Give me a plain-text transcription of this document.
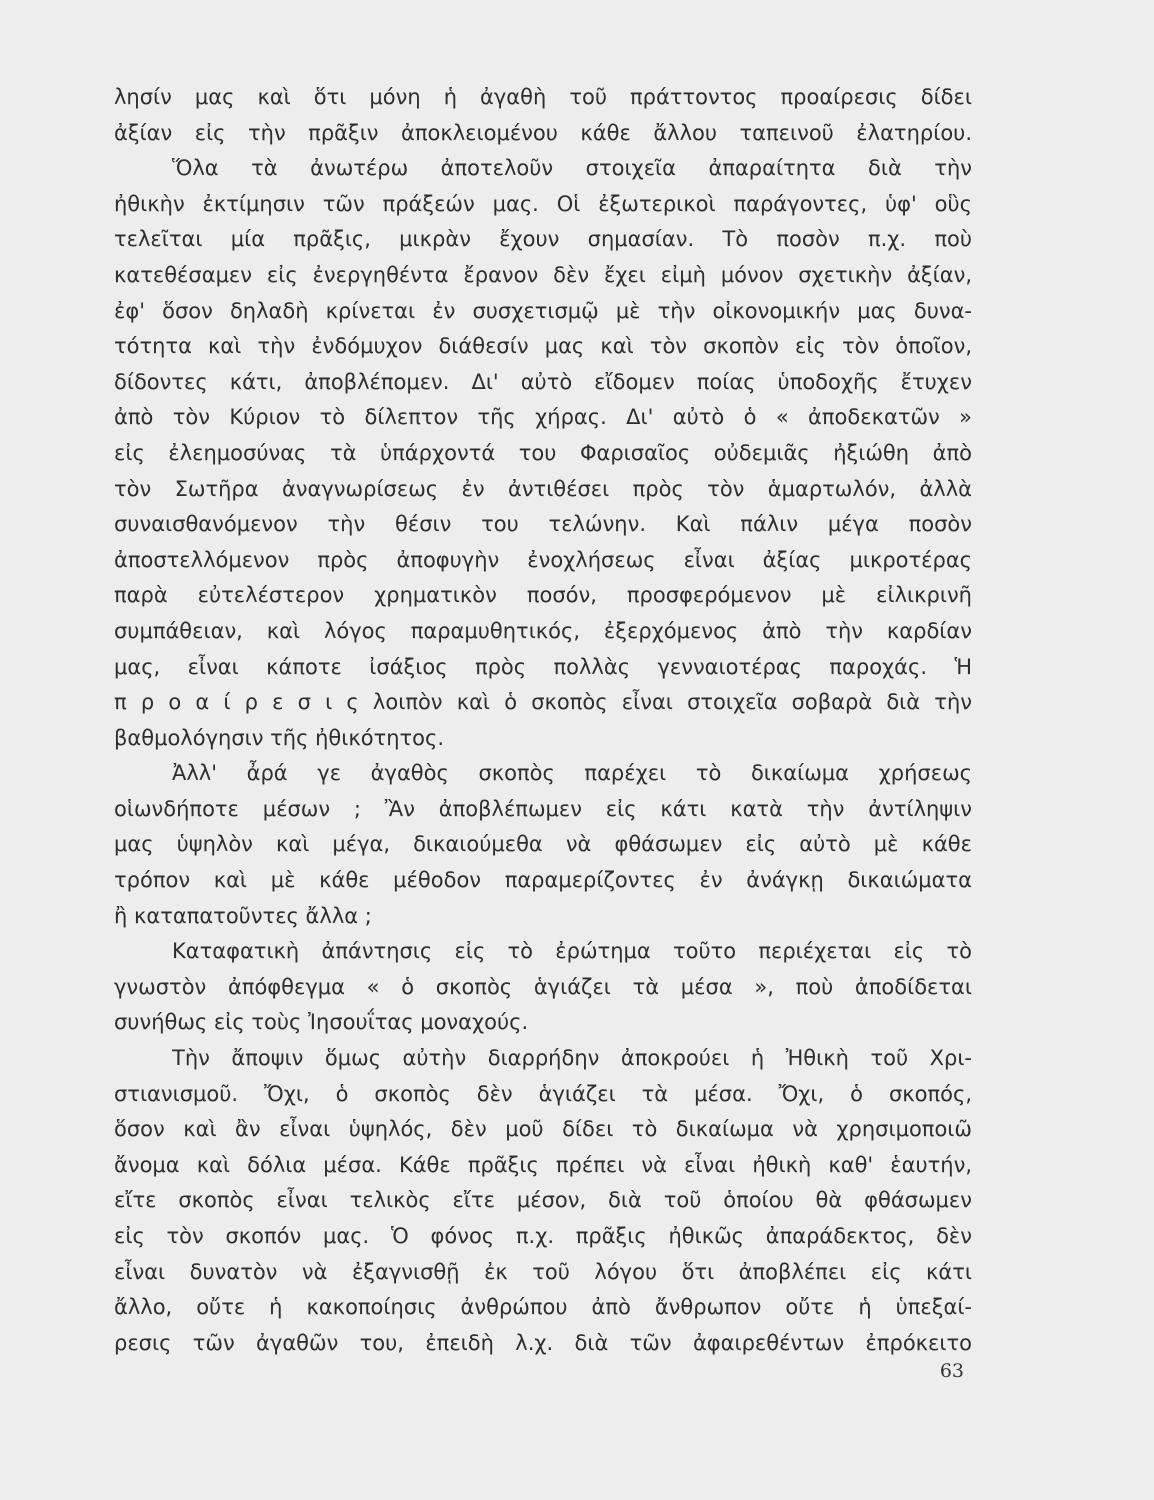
λησίν μας καὶ ὅτι μόνη ἡ ἀγαθὴ τοῦ πράττοντος προαίρεσις δίδει
ἀξίαν εἰς τὴν πρᾶξιν ἀποκλειομένου κάθε ἄλλου ταπεινοῦ ἐλατηρίου.
Ὅλα τὰ ἀνωτέρω ἀποτελοῦν στοιχεῖα ἀπαραίτητα διὰ τὴν
ἠθικὴν ἐκτίμησιν τῶν πράξεών μας. Οἱ ἐξωτερικοὶ παράγοντες, ὑφ' οὓς
τελεῖται μία πρᾶξις, μικρὰν ἔχουν σημασίαν. Τὸ ποσὸν π.χ. ποὺ
κατεθέσαμεν εἰς ἐνεργηθέντα ἔρανον δὲν ἔχει εἰμὴ μόνον σχετικὴν ἀξίαν,
ἐφ' ὅσον δηλαδὴ κρίνεται ἐν συσχετισμῷ μὲ τὴν οἰκονομικήν μας δυνα-
τότητα καὶ τὴν ἐνδόμυχον διάθεσίν μας καὶ τὸν σκοπὸν εἰς τὸν ὁποῖον,
δίδοντες κάτι, ἀποβλέπομεν. Δι' αὐτὸ εἴδομεν ποίας ὑποδοχῆς ἔτυχεν
ἀπὸ τὸν Κύριον τὸ δίλεπτον τῆς χήρας. Δι' αὐτὸ ὁ « ἀποδεκατῶν »
εἰς ἐλεημοσύνας τὰ ὑπάρχοντά του Φαρισαῖος οὐδεμιᾶς ἠξιώθη ἀπὸ
τὸν Σωτῆρα ἀναγνωρίσεως ἐν ἀντιθέσει πρὸς τὸν ἁμαρτωλόν, ἀλλὰ
συναισθανόμενον τὴν θέσιν του τελώνην. Καὶ πάλιν μέγα ποσὸν
ἀποστελλόμενον πρὸς ἀποφυγὴν ἐνοχλήσεως εἶναι ἀξίας μικροτέρας
παρὰ εὐτελέστερον χρηματικὸν ποσόν, προσφερόμενον μὲ εἰλικρινῆ
συμπάθειαν, καὶ λόγος παραμυθητικός, ἐξερχόμενος ἀπὸ τὴν καρδίαν
μας, εἶναι κάποτε ἰσάξιος πρὸς πολλὰς γενναιοτέρας παροχάς. Ἡ
π ρ ο α ί ρ ε σ ι ς λοιπὸν καὶ ὁ σκοπὸς εἶναι στοιχεῖα σοβαρὰ διὰ τὴν
βαθμολόγησιν τῆς ἠθικότητος.
Ἀλλ' ἆρά γε ἀγαθὸς σκοπὸς παρέχει τὸ δικαίωμα χρήσεως
οἱωνδήποτε μέσων ; Ἂν ἀποβλέπωμεν εἰς κάτι κατὰ τὴν ἀντίληψιν
μας ὑψηλὸν καὶ μέγα, δικαιούμεθα νὰ φθάσωμεν εἰς αὐτὸ μὲ κάθε
τρόπον καὶ μὲ κάθε μέθοδον παραμερίζοντες ἐν ἀνάγκῃ δικαιώματα
ἢ καταπατοῦντες ἄλλα ;
Καταφατικὴ ἀπάντησις εἰς τὸ ἐρώτημα τοῦτο περιέχεται εἰς τὸ
γνωστὸν ἀπόφθεγμα « ὁ σκοπὸς ἁγιάζει τὰ μέσα », ποὺ ἀποδίδεται
συνήθως εἰς τοὺς Ἰησουΐτας μοναχούς.
Τὴν ἄποψιν ὅμως αὐτὴν διαρρήδην ἀποκρούει ἡ Ἠθικὴ τοῦ Χρι-
στιανισμοῦ. Ὄχι, ὁ σκοπὸς δὲν ἁγιάζει τὰ μέσα. Ὄχι, ὁ σκοπός,
ὅσον καὶ ἂν εἶναι ὑψηλός, δὲν μοῦ δίδει τὸ δικαίωμα νὰ χρησιμοποιῶ
ἄνομα καὶ δόλια μέσα. Κάθε πρᾶξις πρέπει νὰ εἶναι ἠθικὴ καθ' ἑαυτήν,
εἴτε σκοπὸς εἶναι τελικὸς εἴτε μέσον, διὰ τοῦ ὁποίου θὰ φθάσωμεν
εἰς τὸν σκοπόν μας. Ὁ φόνος π.χ. πρᾶξις ἠθικῶς ἀπαράδεκτος, δὲν
εἶναι δυνατὸν νὰ ἐξαγνισθῇ ἐκ τοῦ λόγου ὅτι ἀποβλέπει εἰς κάτι
ἄλλο, οὔτε ἡ κακοποίησις ἀνθρώπου ἀπὸ ἄνθρωπον οὔτε ἡ ὑπεξαί-
ρεσις τῶν ἀγαθῶν του, ἐπειδὴ λ.χ. διὰ τῶν ἀφαιρεθέντων ἐπρόκειτο
63
